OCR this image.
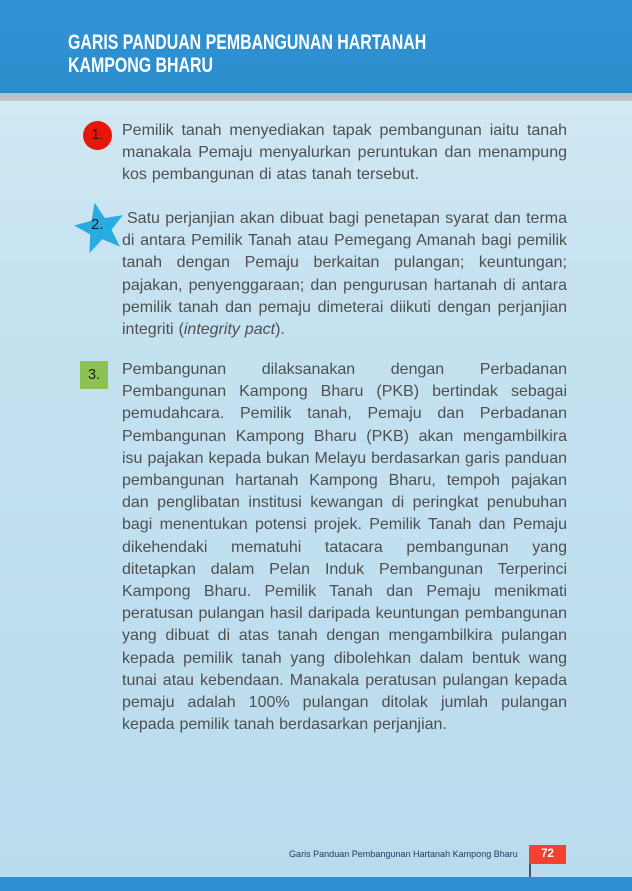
GARIS PANDUAN PEMBANGUNAN HARTANAH
KAMPONG BHARU
1. Pemilik tanah menyediakan tapak pembangunan iaitu tanah manakala Pemaju menyalurkan peruntukan dan menampung kos pembangunan di atas tanah tersebut.
2.	Satu perjanjian akan dibuat bagi penetapan syarat dan terma di antara Pemilik Tanah atau Pemegang Amanah bagi pemilik tanah dengan Pemaju berkaitan pulangan; keuntungan; pajakan, penyenggaraan; dan pengurusan hartanah di antara pemilik tanah dan pemaju dimeterai diikuti dengan perjanjian integriti (integrity pact).
3. Pembangunan dilaksanakan dengan Perbadanan Pembangunan Kampong Bharu (PKB) bertindak sebagai pemudahcara. Pemilik tanah, Pemaju dan Perbadanan Pembangunan Kampong Bharu (PKB) akan mengambilkira isu pajakan kepada bukan Melayu berdasarkan garis panduan pembangunan hartanah Kampong Bharu, tempoh pajakan dan penglibatan institusi kewangan di peringkat penubuhan bagi menentukan potensi projek. Pemilik Tanah dan Pemaju dikehendaki mematuhi tatacara pembangunan yang ditetapkan dalam Pelan Induk Pembangunan Terperinci Kampong Bharu. Pemilik Tanah dan Pemaju menikmati peratusan pulangan hasil daripada keuntungan pembangunan yang dibuat di atas tanah dengan mengambilkira pulangan kepada pemilik tanah yang dibolehkan dalam bentuk wang tunai atau kebendaan. Manakala peratusan pulangan kepada pemaju adalah 100% pulangan ditolak jumlah pulangan kepada pemilik tanah berdasarkan perjanjian.
Garis Panduan Pembangunan Hartanah Kampong Bharu	72
